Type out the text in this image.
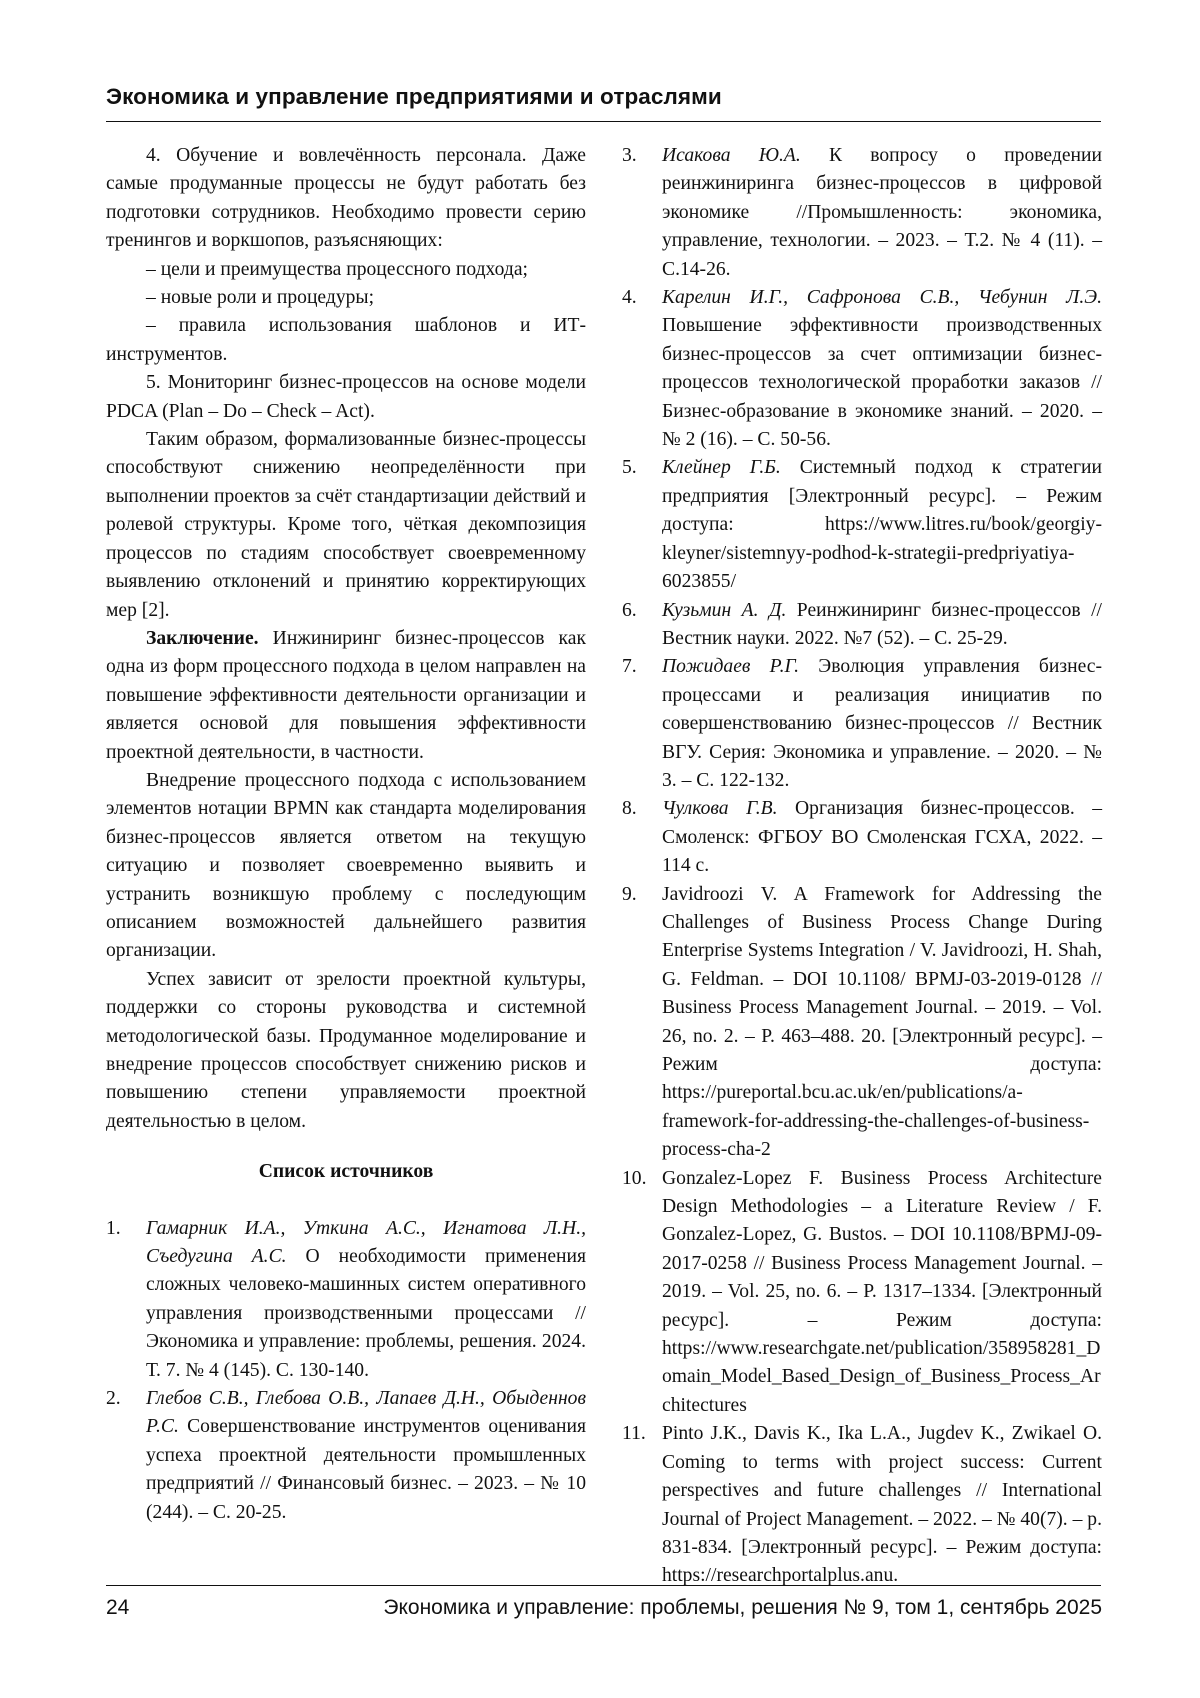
Экономика и управление предприятиями и отраслями

4. Обучение и вовлечённость персонала. Даже самые продуманные процессы не будут работать без подготовки сотрудников. Необходимо провести серию тренингов и воркшопов, разъясняющих:

– цели и преимущества процессного подхода;

– новые роли и процедуры;

– правила использования шаблонов и ИТ-инструментов.

5. Мониторинг бизнес-процессов на основе модели PDCA (Plan – Do – Check – Act).

Таким образом, формализованные бизнес-процессы способствуют снижению неопределённости при выполнении проектов за счёт стандартизации действий и ролевой структуры. Кроме того, чёткая декомпозиция процессов по стадиям способствует своевременному выявлению отклонений и принятию корректирующих мер [2].

Заключение. Инжиниринг бизнес-процессов как одна из форм процессного подхода в целом направлен на повышение эффективности деятельности организации и является основой для повышения эффективности проектной деятельности, в частности.

Внедрение процессного подхода с использованием элементов нотации BPMN как стандарта моделирования бизнес-процессов является ответом на текущую ситуацию и позволяет своевременно выявить и устранить возникшую проблему с последующим описанием возможностей дальнейшего развития организации.

Успех зависит от зрелости проектной культуры, поддержки со стороны руководства и системной методологической базы. Продуманное моделирование и внедрение процессов способствует снижению рисков и повышению степени управляемости проектной деятельностью в целом.

Список источников
1.	Гамарник И.А., Уткина А.С., Игнатова Л.Н., Съедугина А.С. О необходимости применения сложных человеко-машинных систем оперативного управления производственными процессами //Экономика и управление: проблемы, решения. 2024. Т. 7. № 4 (145). С. 130-140.
2.	Глебов С.В., Глебова О.В., Лапаев Д.Н., Обыденнов Р.С. Совершенствование инструментов оценивания успеха проектной деятельности промышленных предприятий // Финансовый бизнес. – 2023. – № 10 (244). – С. 20-25.
3.	Исакова Ю.А. К вопросу о проведении реинжиниринга бизнес-процессов в цифровой экономике //Промышленность: экономика, управление, технологии. – 2023. – Т.2. № 4 (11). – С.14-26.
4.	Карелин И.Г., Сафронова С.В., Чебунин Л.Э. Повышение эффективности производственных бизнес-процессов за счет оптимизации бизнес-процессов технологической проработки заказов // Бизнес-образование в экономике знаний. – 2020. – № 2 (16). – С. 50-56.
5.	Клейнер Г.Б. Системный подход к стратегии предприятия [Электронный ресурс]. – Режим доступа: https://www.litres.ru/book/georgiy-kleyner/sistemnyy-podhod-k-strategii-predpriyatiya-6023855/
6.	Кузьмин А. Д. Реинжиниринг бизнес-процессов // Вестник науки. 2022. №7 (52). – С. 25-29.
7.	Пожидаев Р.Г. Эволюция управления бизнес-процессами и реализация инициатив по совершенствованию бизнес-процессов // Вестник ВГУ. Серия: Экономика и управление. – 2020. – № 3. – С. 122-132.
8.	Чулкова Г.В. Организация бизнес-процессов. – Смоленск: ФГБОУ ВО Смоленская ГСХА, 2022. – 114 с.
9.	Javidroozi V. A Framework for Addressing the Challenges of Business Process Change During Enterprise Systems Integration / V. Javidroozi, H. Shah, G. Feldman. – DOI 10.1108/ BPMJ-03-2019-0128 // Business Process Management Journal. – 2019. – Vol. 26, no. 2. – P. 463–488. 20. [Электронный ресурс]. – Режим доступа: https://pureportal.bcu.ac.uk/en/publications/a-framework-for-addressing-the-challenges-of-business-process-cha-2
10. Gonzalez-Lopez F. Business Process Architecture Design Methodologies – a Literature Review / F. Gonzalez-Lopez, G. Bustos. – DOI 10.1108/BPMJ-09-2017-0258 // Business Process Management Journal. – 2019. – Vol. 25, no. 6. – P. 1317–1334. [Электронный ресурс]. – Режим доступа: https://www.researchgate.net/publication/358958281_Domain_Model_Based_Design_of_Business_Process_Architectures
11. Pinto J.K., Davis K., Ika L.A., Jugdev K., Zwikael O. Coming to terms with project success: Current perspectives and future challenges // International Journal of Project Management. – 2022. – № 40(7). – p. 831-834. [Электронный ресурс]. – Режим доступа: https://researchportalplus.anu.
24	Экономика и управление: проблемы, решения № 9, том 1, сентябрь 2025
